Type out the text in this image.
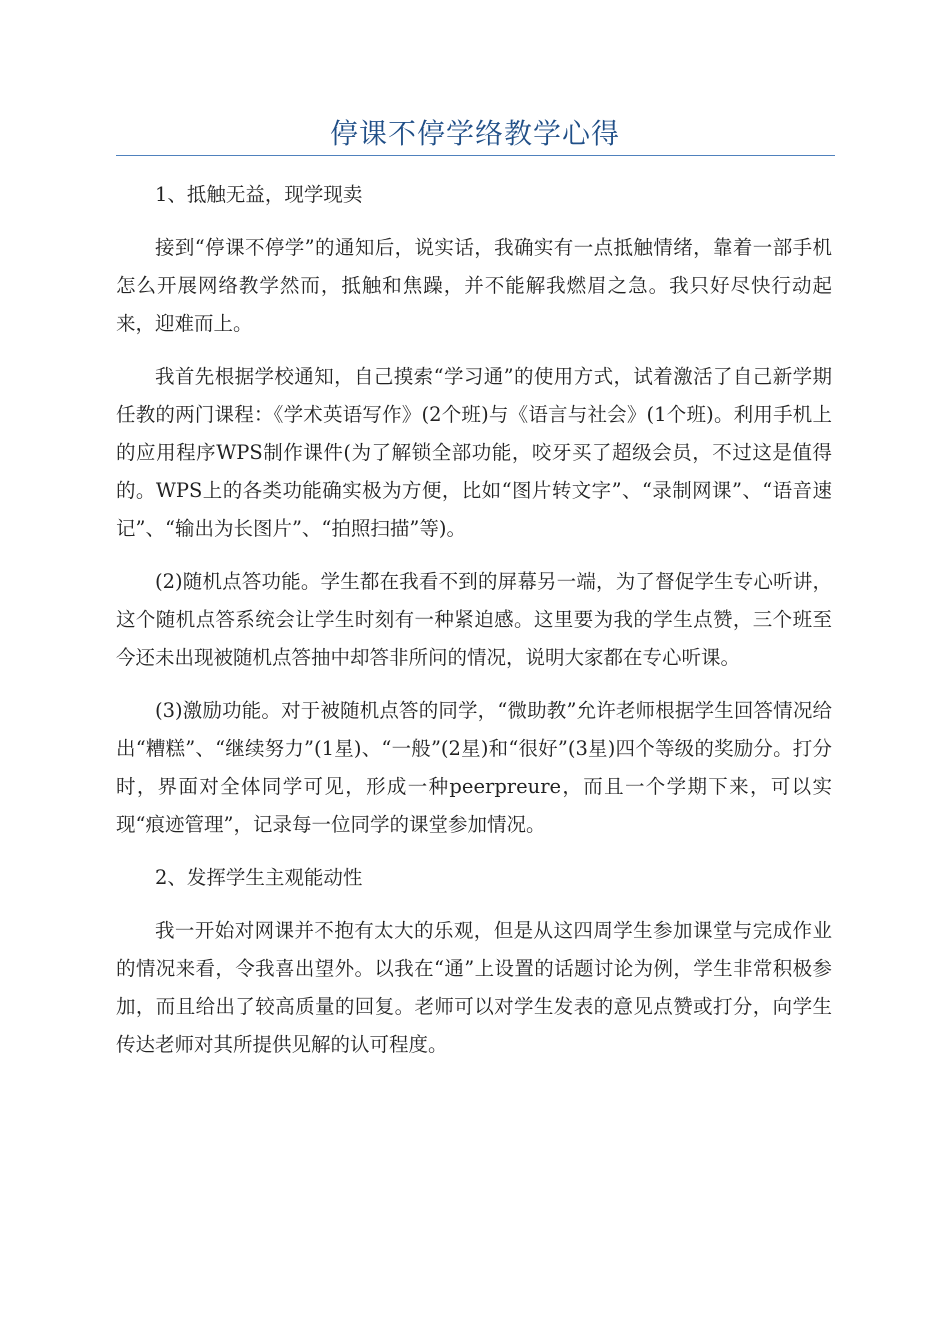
停课不停学络教学心得

1、抵触无益，现学现卖

接到“停课不停学”的通知后，说实话，我确实有一点抵触情绪，靠着一部手机怎么开展网络教学然而，抵触和焦躁，并不能解我燃眉之急。我只好尽快行动起来，迎难而上。

我首先根据学校通知，自己摸索“学习通”的使用方式，试着激活了自己新学期任教的两门课程：《学术英语写作》(2个班)与《语言与社会》(1个班)。利用手机上的应用程序WPS制作课件(为了解锁全部功能，咬牙买了超级会员，不过这是值得的。WPS上的各类功能确实极为方便，比如“图片转文字”、“录制网课”、“语音速记”、“输出为长图片”、“拍照扫描”等)。

(2)随机点答功能。学生都在我看不到的屏幕另一端，为了督促学生专心听讲，这个随机点答系统会让学生时刻有一种紧迫感。这里要为我的学生点赞，三个班至今还未出现被随机点答抽中却答非所问的情况，说明大家都在专心听课。

(3)激励功能。对于被随机点答的同学，“微助教”允许老师根据学生回答情况给出“糟糕”、“继续努力”(1星)、“一般”(2星)和“很好”(3星)四个等级的奖励分。打分时，界面对全体同学可见，形成一种peerpreure，而且一个学期下来，可以实现“痕迹管理”，记录每一位同学的课堂参加情况。

2、发挥学生主观能动性

我一开始对网课并不抱有太大的乐观，但是从这四周学生参加课堂与完成作业的情况来看，令我喜出望外。以我在“通”上设置的话题讨论为例，学生非常积极参加，而且给出了较高质量的回复。老师可以对学生发表的意见点赞或打分，向学生传达老师对其所提供见解的认可程度。
